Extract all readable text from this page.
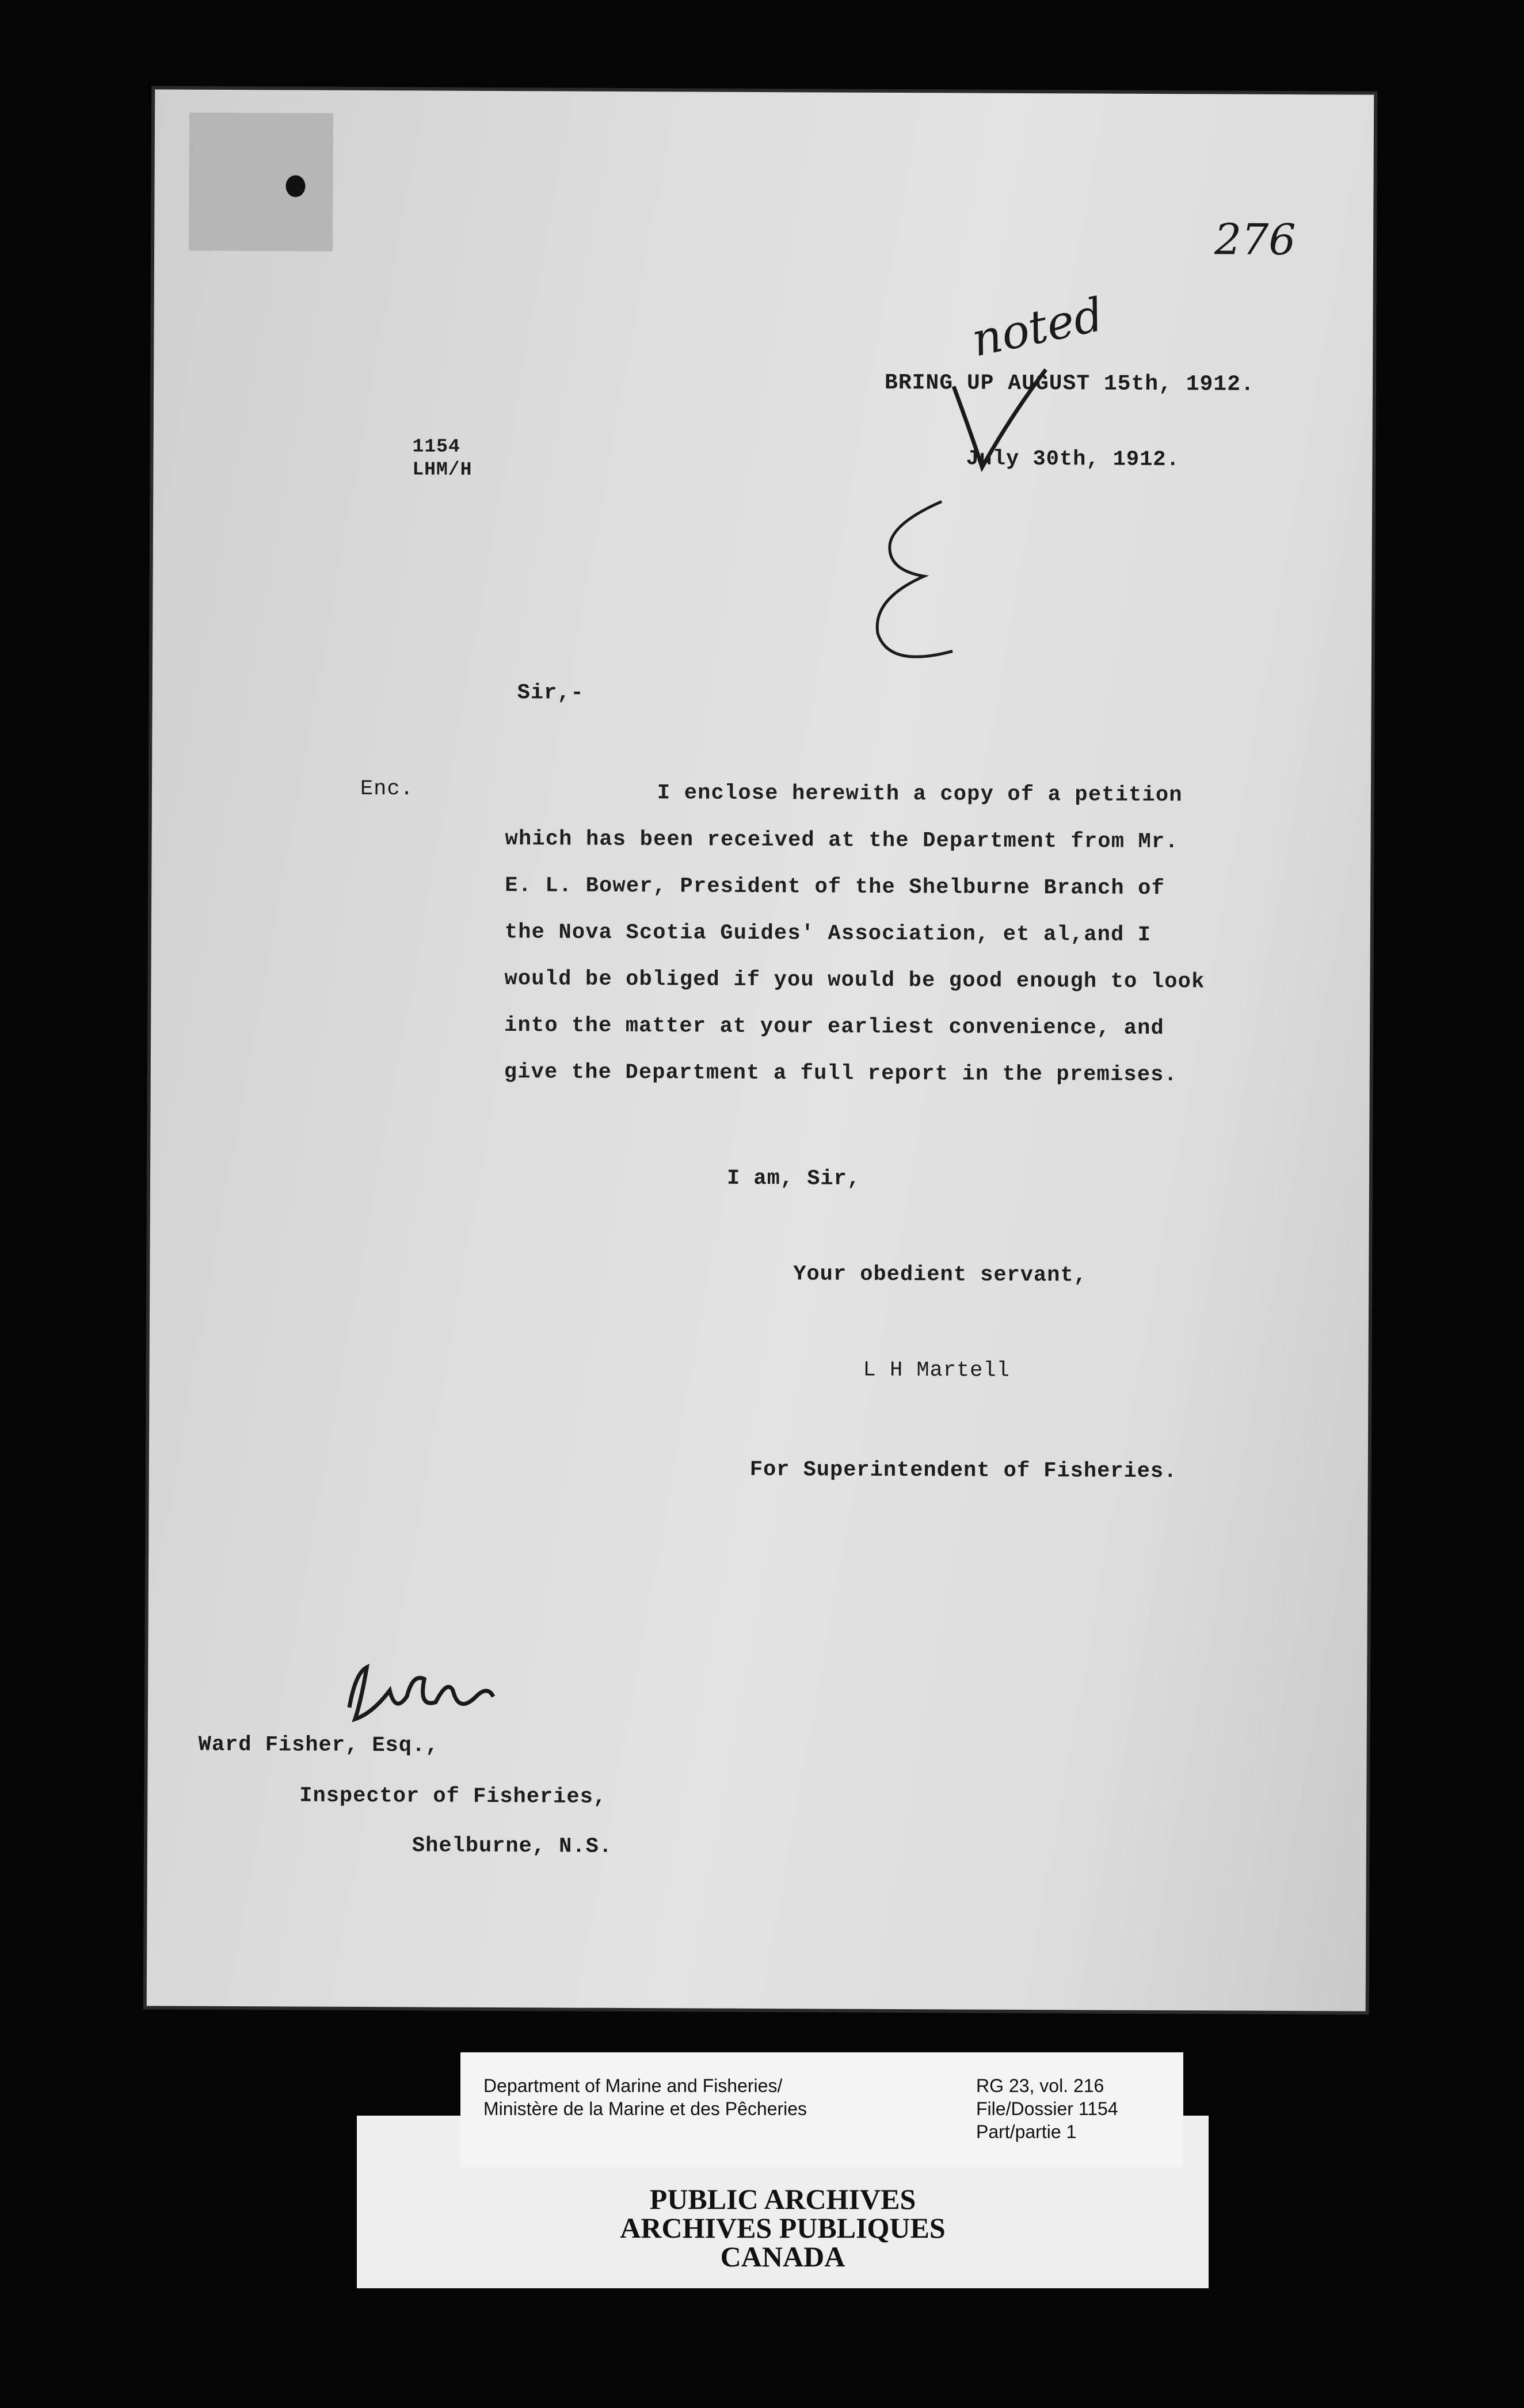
276
noted
BRING UP AUGUST 15th, 1912.
1154
LHM/H	July 30th, 1912.
Sir,-
Enc.	I enclose herewith a copy of a petition
which has been received at the Department from Mr.
E. L. Bower, President of the Shelburne Branch of
the Nova Scotia Guides' Association, et al,and I
would be obliged if you would be good enough to look
into the matter at your earliest convenience, and
give the Department a full report in the premises.
I am, Sir,
Your obedient servant,
L H Martell
For Superintendent of Fisheries.
Ward Fisher, Esq.,
Inspector of Fisheries,
Shelburne, N.S.
PUBLIC ARCHIVES
ARCHIVES PUBLIQUES
CANADA
Department of Marine and Fisheries/
Ministère de la Marine et des Pêcheries
RG 23, vol. 216
File/Dossier 1154
Part/partie 1
